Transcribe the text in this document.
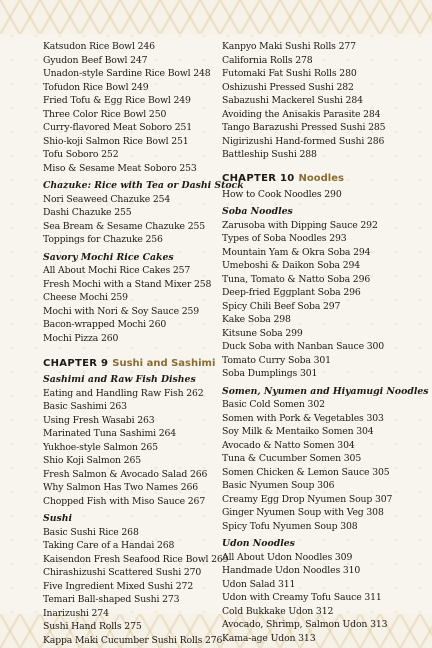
Katsudon Rice Bowl 246
Gyudon Beef Bowl 247
Unadon-style Sardine Rice Bowl 248
Tofudon Rice Bowl 249
Fried Tofu & Egg Rice Bowl 249
Three Color Rice Bowl 250
Curry-flavored Meat Soboro 251
Shio-koji Salmon Rice Bowl 251
Tofu Soboro 252
Miso & Sesame Meat Soboro 253
Chazuke: Rice with Tea or Dashi Stock
Nori Seaweed Chazuke 254
Dashi Chazuke 255
Sea Bream & Sesame Chazuke 255
Toppings for Chazuke 256
Savory Mochi Rice Cakes
All About Mochi Rice Cakes 257
Fresh Mochi with a Stand Mixer 258
Cheese Mochi 259
Mochi with Nori & Soy Sauce 259
Bacon-wrapped Mochi 260
Mochi Pizza 260
CHAPTER 9 Sushi and Sashimi
Sashimi and Raw Fish Dishes
Eating and Handling Raw Fish 262
Basic Sashimi 263
Using Fresh Wasabi 263
Marinated Tuna Sashimi 264
Yukhoe-style Salmon 265
Shio Koji Salmon 265
Fresh Salmon & Avocado Salad 266
Why Salmon Has Two Names 266
Chopped Fish with Miso Sauce 267
Sushi
Basic Sushi Rice 268
Taking Care of a Handai 268
Kaisendon Fresh Seafood Rice Bowl 269
Chirashizushi Scattered Sushi 270
Five Ingredient Mixed Sushi 272
Temari Ball-shaped Sushi 273
Inarizushi 274
Sushi Hand Rolls 275
Kappa Maki Cucumber Sushi Rolls 276
Kanpyo Maki Sushi Rolls 277
California Rolls 278
Futomaki Fat Sushi Rolls 280
Oshizushi Pressed Sushi 282
Sabazushi Mackerel Sushi 284
Avoiding the Anisakis Parasite 284
Tango Barazushi Pressed Sushi 285
Nigirizushi Hand-formed Sushi 286
Battleship Sushi 288
CHAPTER 10 Noodles
How to Cook Noodles 290
Soba Noodles
Zarusoba with Dipping Sauce 292
Types of Soba Noodles 293
Mountain Yam & Okra Soba 294
Umeboshi & Daikon Soba 294
Tuna, Tomato & Natto Soba 296
Deep-fried Eggplant Soba 296
Spicy Chili Beef Soba 297
Kake Soba 298
Kitsune Soba 299
Duck Soba with Nanban Sauce 300
Tomato Curry Soba 301
Soba Dumplings 301
Somen, Nyumen and Hiyamugi Noodles
Basic Cold Somen 302
Somen with Pork & Vegetables 303
Soy Milk & Mentaiko Somen 304
Avocado & Natto Somen 304
Tuna & Cucumber Somen 305
Somen Chicken & Lemon Sauce 305
Basic Nyumen Soup 306
Creamy Egg Drop Nyumen Soup 307
Ginger Nyumen Soup with Veg 308
Spicy Tofu Nyumen Soup 308
Udon Noodles
All About Udon Noodles 309
Handmade Udon Noodles 310
Udon Salad 311
Udon with Creamy Tofu Sauce 311
Cold Bukkake Udon 312
Avocado, Shrimp, Salmon Udon 313
Kama-age Udon 313
